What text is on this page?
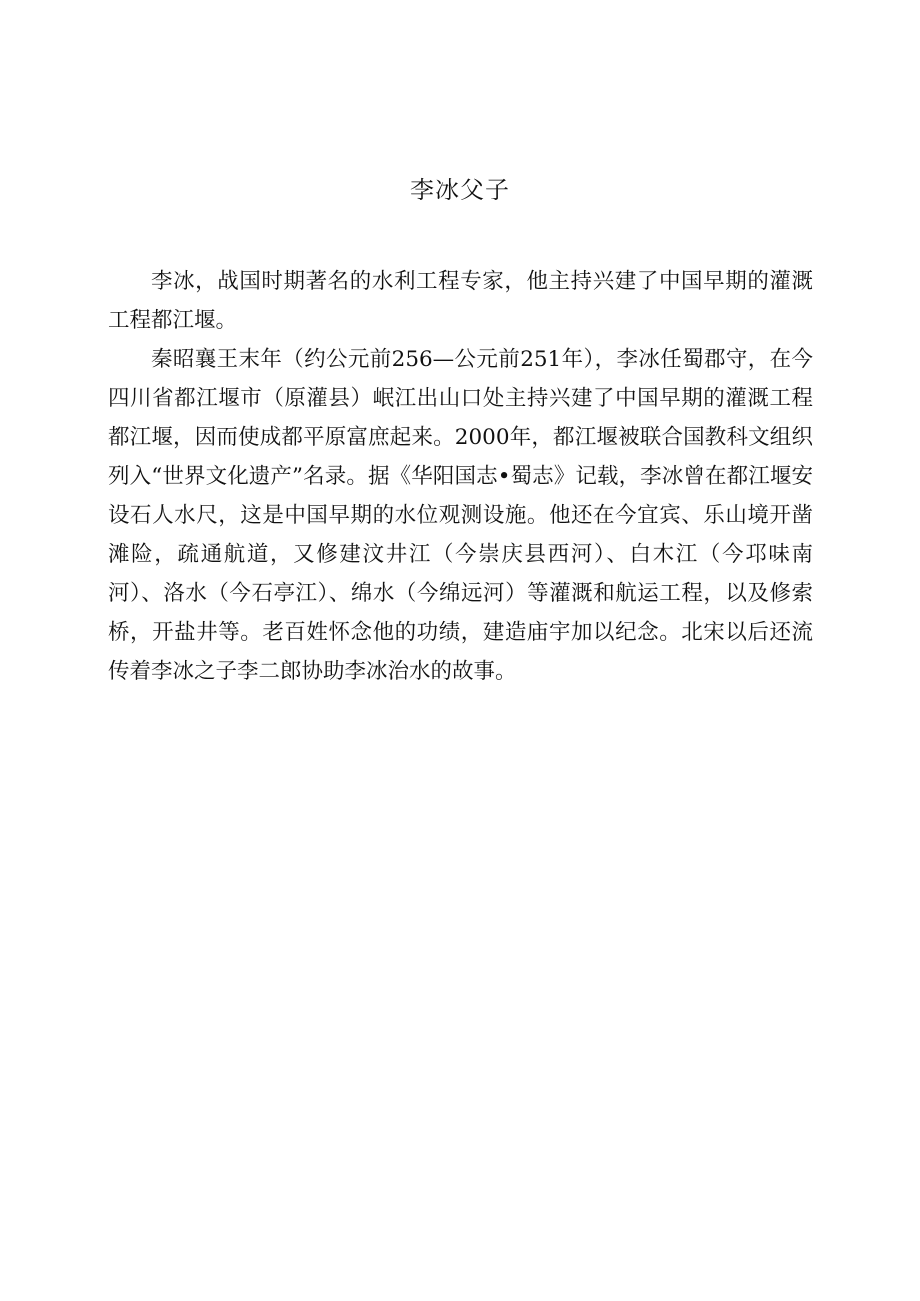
李冰父子

李冰，战国时期著名的水利工程专家，他主持兴建了中国早期的灌溉工程都江堰。

秦昭襄王末年（约公元前256—公元前251年），李冰任蜀郡守，在今四川省都江堰市（原灌县）岷江出山口处主持兴建了中国早期的灌溉工程都江堰，因而使成都平原富庶起来。2000年，都江堰被联合国教科文组织列入“世界文化遗产”名录。据《华阳国志•蜀志》记载，李冰曾在都江堰安设石人水尺，这是中国早期的水位观测设施。他还在今宜宾、乐山境开凿滩险，疏通航道，又修建汶井江（今崇庆县西河）、白木江（今邛味南河）、洛水（今石亭江）、绵水（今绵远河）等灌溉和航运工程，以及修索桥，开盐井等。老百姓怀念他的功绩，建造庙宇加以纪念。北宋以后还流传着李冰之子李二郎协助李冰治水的故事。
